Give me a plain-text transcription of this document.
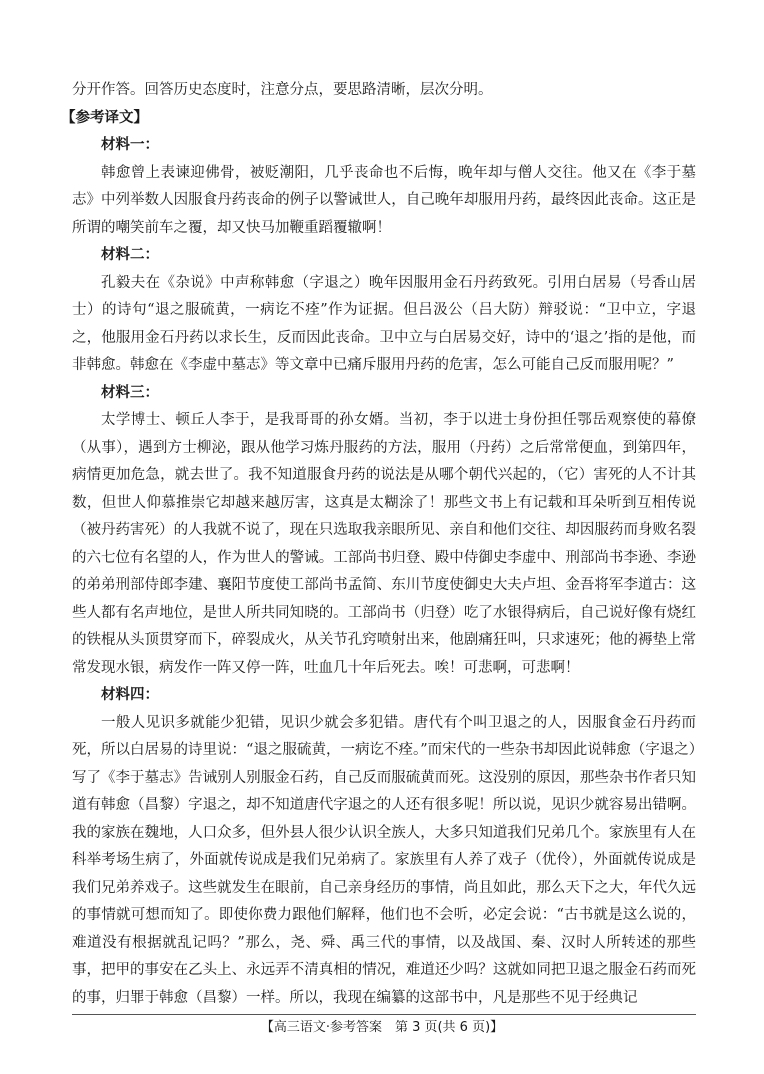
分开作答。回答历史态度时，注意分点，要思路清晰，层次分明。

【参考译文】

材料一：

韩愈曾上表谏迎佛骨，被贬潮阳，几乎丧命也不后悔，晚年却与僧人交往。他又在《李于墓志》中列举数人因服食丹药丧命的例子以警诫世人，自己晚年却服用丹药，最终因此丧命。这正是所谓的嘲笑前车之覆，却又快马加鞭重蹈覆辙啊！

材料二：

孔毅夫在《杂说》中声称韩愈（字退之）晚年因服用金石丹药致死。引用白居易（号香山居士）的诗句“退之服硫黄，一病讫不痊”作为证据。但吕汲公（吕大防）辩驳说：“卫中立，字退之，他服用金石丹药以求长生，反而因此丧命。卫中立与白居易交好，诗中的‘退之’指的是他，而非韩愈。韩愈在《李虚中墓志》等文章中已痛斥服用丹药的危害，怎么可能自己反而服用呢？”

材料三：

太学博士、顿丘人李于，是我哥哥的孙女婿。当初，李于以进士身份担任鄂岳观察使的幕僚（从事），遇到方士柳泌，跟从他学习炼丹服药的方法，服用（丹药）之后常常便血，到第四年，病情更加危急，就去世了。我不知道服食丹药的说法是从哪个朝代兴起的，（它）害死的人不计其数，但世人仰慕推崇它却越来越厉害，这真是太糊涂了！那些文书上有记载和耳朵听到互相传说（被丹药害死）的人我就不说了，现在只选取我亲眼所见、亲自和他们交往、却因服药而身败名裂的六七位有名望的人，作为世人的警诫。工部尚书归登、殿中侍御史李虚中、刑部尚书李逊、李逊的弟弟刑部侍郎李建、襄阳节度使工部尚书孟简、东川节度使御史大夫卢坦、金吾将军李道古：这些人都有名声地位，是世人所共同知晓的。工部尚书（归登）吃了水银得病后，自己说好像有烧红的铁棍从头顶贯穿而下，碎裂成火，从关节孔窍喷射出来，他剧痛狂叫，只求速死；他的褥垫上常常发现水银，病发作一阵又停一阵，吐血几十年后死去。唉！可悲啊，可悲啊！

材料四：

一般人见识多就能少犯错，见识少就会多犯错。唐代有个叫卫退之的人，因服食金石丹药而死，所以白居易的诗里说：“退之服硫黄，一病讫不痊。”而宋代的一些杂书却因此说韩愈（字退之）写了《李于墓志》告诫别人别服金石药，自己反而服硫黄而死。这没别的原因，那些杂书作者只知道有韩愈（昌黎）字退之，却不知道唐代字退之的人还有很多呢！所以说，见识少就容易出错啊。我的家族在魏地，人口众多，但外县人很少认识全族人，大多只知道我们兄弟几个。家族里有人在科举考场生病了，外面就传说成是我们兄弟病了。家族里有人养了戏子（优伶），外面就传说成是我们兄弟养戏子。这些就发生在眼前，自己亲身经历的事情，尚且如此，那么天下之大，年代久远的事情就可想而知了。即使你费力跟他们解释，他们也不会听，必定会说：“古书就是这么说的，难道没有根据就乱记吗？”那么，尧、舜、禹三代的事情，以及战国、秦、汉时人所转述的那些事，把甲的事安在乙头上、永远弄不清真相的情况，难道还少吗？这就如同把卫退之服金石药而死的事，归罪于韩愈（昌黎）一样。所以，我现在编纂的这部书中，凡是那些不见于经典记

【高三语文·参考答案　第 3 页(共 6 页)】
